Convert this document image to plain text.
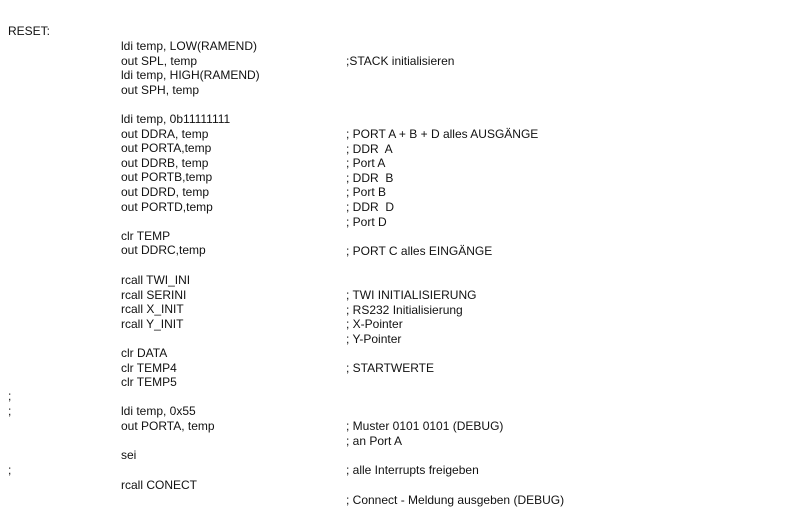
RESET:

ldi temp, LOW(RAMEND)

;STACK initialisieren

out SPL, temp

ldi temp, HIGH(RAMEND)

out SPH, temp

ldi temp, 0b11111111

; PORT A + B + D alles AUSGÄNGE

out DDRA, temp

; DDR  A

out PORTA,temp

; Port A

out DDRB, temp

; DDR  B

out PORTB,temp

; Port B

out DDRD, temp

; DDR  D

out PORTD,temp

; Port D

clr TEMP

; PORT C alles EINGÄNGE

out DDRC,temp

rcall TWI_INI

; TWI INITIALISIERUNG

rcall SERINI

; RS232 Initialisierung

rcall X_INIT

; X-Pointer

rcall Y_INIT

; Y-Pointer

clr DATA

; STARTWERTE

clr TEMP4

clr TEMP5

;

ldi temp, 0x55

; Muster 0101 0101 (DEBUG)

;

out PORTA, temp

; an Port A

sei

; alle Interrupts freigeben

;

rcall CONECT

; Connect - Meldung ausgeben (DEBUG)
